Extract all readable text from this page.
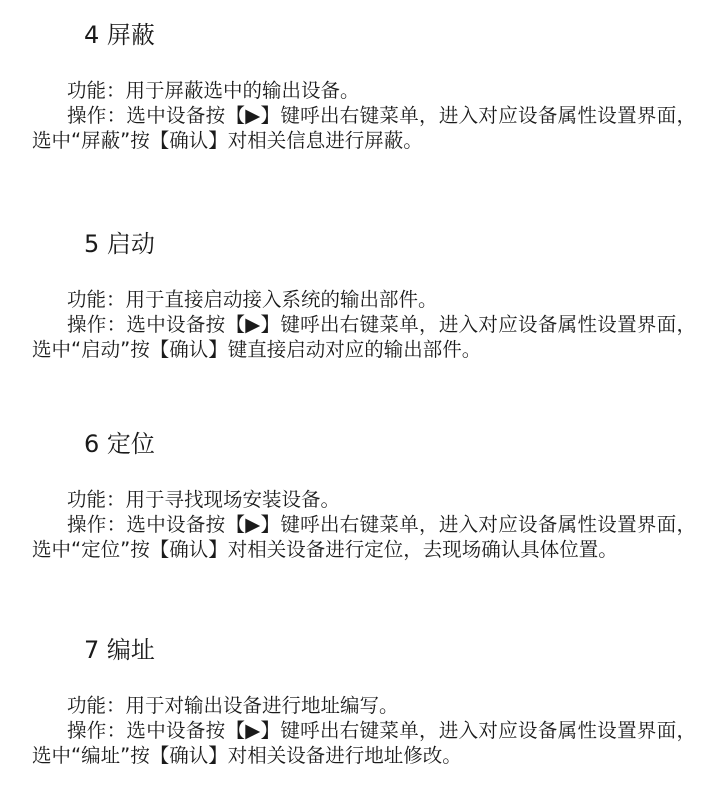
4 屏蔽

功能：用于屏蔽选中的输出设备。

操作：选中设备按【▶】键呼出右键菜单，进入对应设备属性设置界面，选中“屏蔽”按【确认】对相关信息进行屏蔽。

5 启动

功能：用于直接启动接入系统的输出部件。

操作：选中设备按【▶】键呼出右键菜单，进入对应设备属性设置界面，选中“启动”按【确认】键直接启动对应的输出部件。

6 定位

功能：用于寻找现场安装设备。

操作：选中设备按【▶】键呼出右键菜单，进入对应设备属性设置界面，选中“定位”按【确认】对相关设备进行定位，去现场确认具体位置。

7 编址

功能：用于对输出设备进行地址编写。

操作：选中设备按【▶】键呼出右键菜单，进入对应设备属性设置界面，选中“编址”按【确认】对相关设备进行地址修改。
